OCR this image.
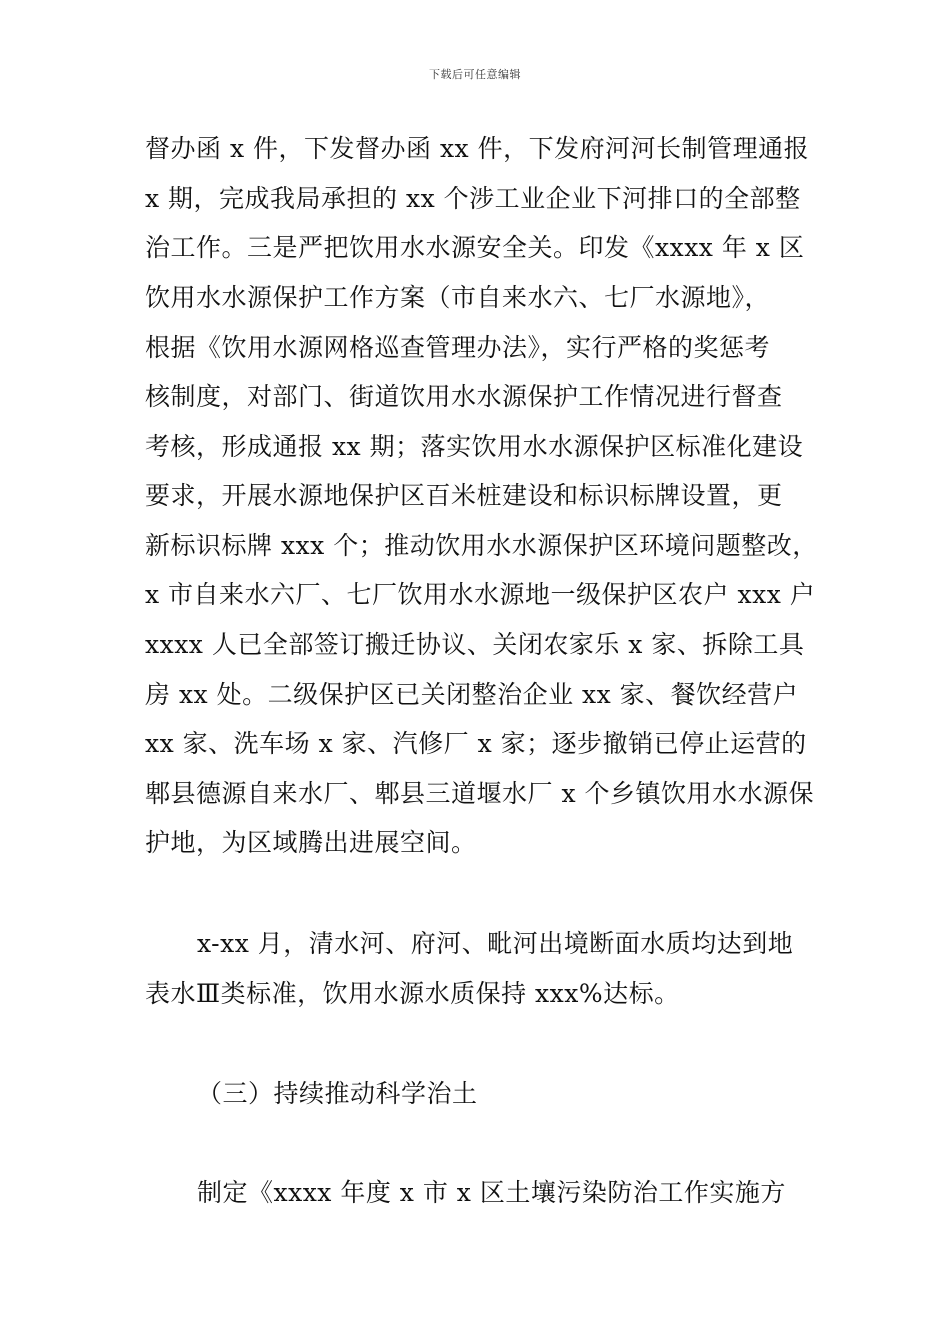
下载后可任意编辑
督办函 x 件，下发督办函 xx 件，下发府河河长制管理通报
x 期，完成我局承担的 xx 个涉工业企业下河排口的全部整
治工作。三是严把饮用水水源安全关。印发《xxxx 年 x 区
饮用水水源保护工作方案（市自来水六、七厂水源地》，
根据《饮用水源网格巡查管理办法》，实行严格的奖惩考
核制度，对部门、街道饮用水水源保护工作情况进行督查
考核，形成通报 xx 期；落实饮用水水源保护区标准化建设
要求，开展水源地保护区百米桩建设和标识标牌设置，更
新标识标牌 xxx 个；推动饮用水水源保护区环境问题整改，
x 市自来水六厂、七厂饮用水水源地一级保护区农户 xxx 户
xxxx 人已全部签订搬迁协议、关闭农家乐 x 家、拆除工具
房 xx 处。二级保护区已关闭整治企业 xx 家、餐饮经营户
xx 家、洗车场 x 家、汽修厂 x 家；逐步撤销已停止运营的
郫县德源自来水厂、郫县三道堰水厂 x 个乡镇饮用水水源保
护地，为区域腾出进展空间。
x-xx 月，清水河、府河、毗河出境断面水质均达到地
表水Ⅲ类标准，饮用水源水质保持 xxx%达标。
（三）持续推动科学治土
制定《xxxx 年度 x 市 x 区土壤污染防治工作实施方
